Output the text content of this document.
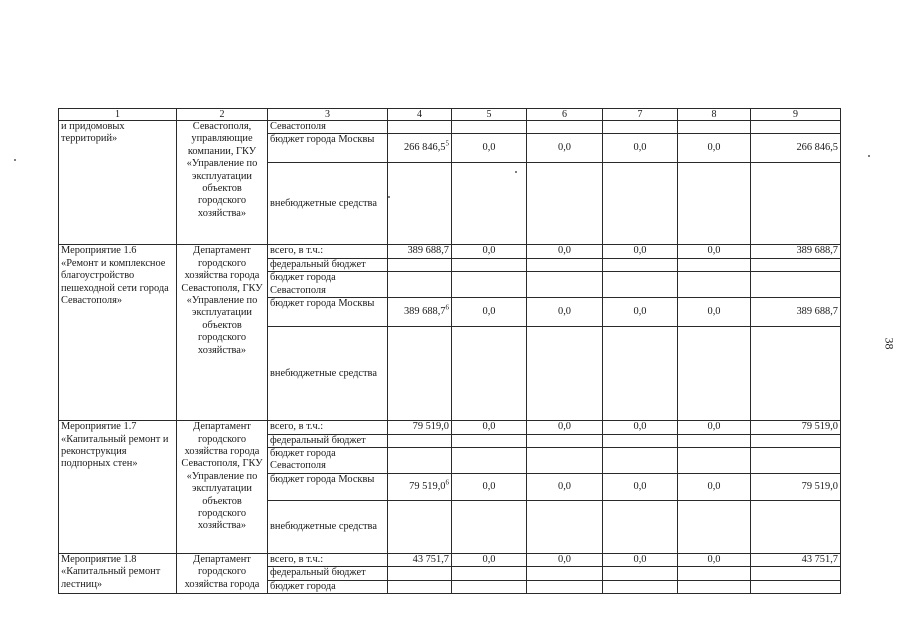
1	2	3	4	5	6	7	8	9
и придомовых территорий»	Севастополя, управляющие компании, ГКУ «Управление по эксплуатации объектов городского хозяйства»	Севастополя						
		бюджет города Москвы	266 846,5$^5$	0,0	0,0	0,0	0,0	266 846,5
		внебюджетные средства						
Мероприятие 1.6 «Ремонт и комплексное благоустройство пешеходной сети города Севастополя»	Департамент городского хозяйства города Севастополя, ГКУ «Управление по эксплуатации объектов городского хозяйства»	всего, в т.ч.:	389 688,7	0,0	0,0	0,0	0,0	389 688,7
		федеральный бюджет						
		бюджет города Севастополя						
		бюджет города Москвы	389 688,7$^6$	0,0	0,0	0,0	0,0	389 688,7
		внебюджетные средства						
Мероприятие 1.7 «Капитальный ремонт и реконструкция подпорных стен»	Департамент городского хозяйства города Севастополя, ГКУ «Управление по эксплуатации объектов городского хозяйства»	всего, в т.ч.:	79 519,0	0,0	0,0	0,0	0,0	79 519,0
		федеральный бюджет						
		бюджет города Севастополя						
		бюджет города Москвы	79 519,0$^6$	0,0	0,0	0,0	0,0	79 519,0
		внебюджетные средства						
Мероприятие 1.8 «Капитальный ремонт лестниц»	Департамент городского хозяйства города	всего, в т.ч.:	43 751,7	0,0	0,0	0,0	0,0	43 751,7
		федеральный бюджет						
		бюджет города						
38
